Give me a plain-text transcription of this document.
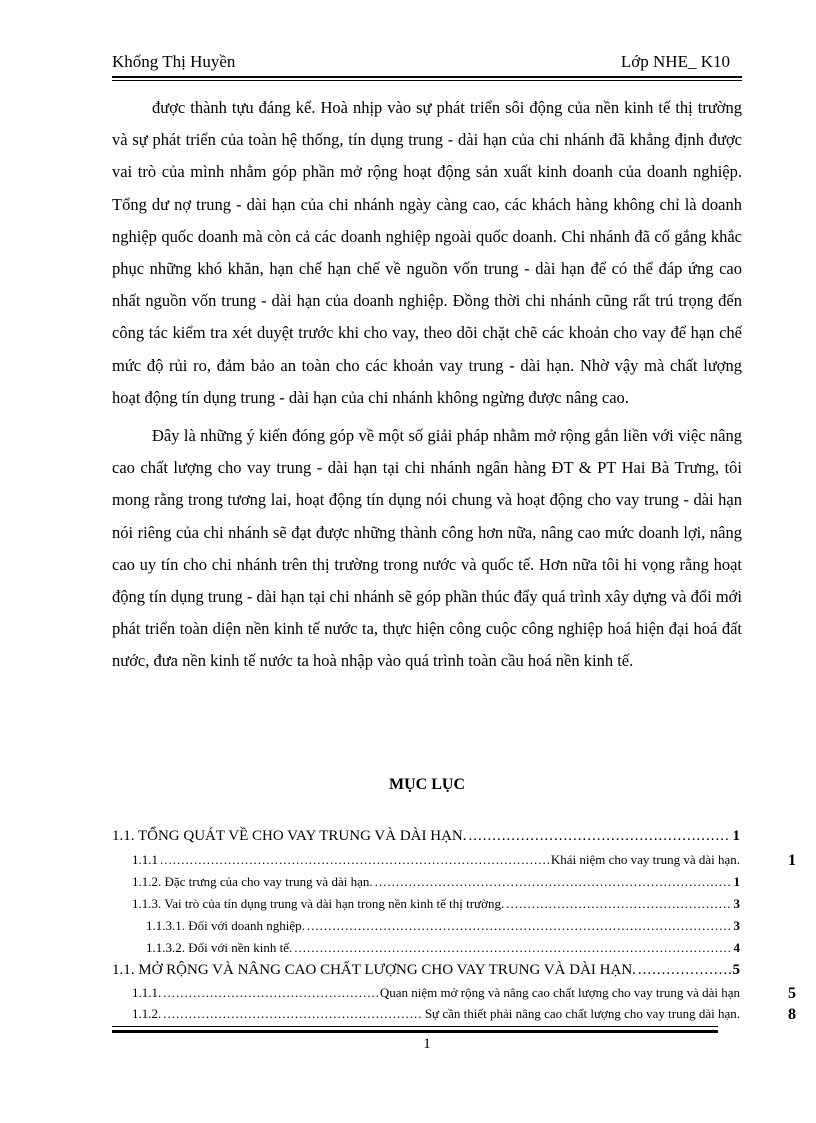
Khổng Thị Huyền	Lớp NHE_ K10

được thành tựu đáng kể. Hoà nhịp vào sự phát triển sôi động của nền kinh tế thị trường và sự phát triển của toàn hệ thống, tín dụng trung - dài hạn của chi nhánh đã khẳng định được vai trò của mình nhằm góp phần mở rộng hoạt động sản xuất kinh doanh của doanh nghiệp. Tổng dư nợ trung - dài hạn của chi nhánh ngày càng cao, các khách hàng không chỉ là doanh nghiệp quốc doanh mà còn cả các doanh nghiệp ngoài quốc doanh. Chi nhánh đã cố gắng khắc phục những khó khăn, hạn chế hạn chế về nguồn vốn trung - dài hạn để có thể đáp ứng cao nhất nguồn vốn trung - dài hạn của doanh nghiệp. Đồng thời chi nhánh cũng rất trú trọng đến công tác kiểm tra xét duyệt trước khi cho vay, theo dõi chặt chẽ các khoản cho vay để hạn chế mức độ rủi ro, đảm bảo an toàn cho các khoản vay trung - dài hạn. Nhờ vậy mà chất lượng hoạt động tín dụng trung - dài hạn của chi nhánh không ngừng được nâng cao.

Đây là những ý kiến đóng góp về một số giải pháp nhằm mở rộng gắn liền với việc nâng cao chất lượng cho vay trung - dài hạn tại chi nhánh ngân hàng ĐT & PT Hai Bà Trưng, tôi mong rằng trong tương lai, hoạt động tín dụng nói chung và hoạt động cho vay trung - dài hạn nói riêng của chi nhánh sẽ đạt được những thành công hơn nữa, nâng cao mức doanh lợi, nâng cao uy tín cho chi nhánh trên thị trường trong nước và quốc tế. Hơn nữa tôi hi vọng rằng hoạt động tín dụng trung - dài hạn tại chi nhánh sẽ góp phần thúc đẩy quá trình xây dựng và đổi mới phát triển toàn diện nền kinh tế nước ta, thực hiện công cuộc công nghiệp hoá hiện đại hoá đất nước, đưa nền kinh tế nước ta hoà nhập vào quá trình toàn cầu hoá nền kinh tế.

MỤC LỤC
1.1. TỔNG QUÁT VỀ CHO VAY TRUNG VÀ DÀI HẠN. .....	1
1.1.1 .....	Khái niệm cho vay trung và dài hạn.	1
1.1.2. Đặc trưng của cho vay trung và dài hạn. .....	1
1.1.3. Vai trò của tín dụng trung và dài hạn trong nền kinh tế thị trường. .....	3
1.1.3.1. Đối với doanh nghiệp. .....	3
1.1.3.2. Đối với nền kinh tế. .....	4
1.1. MỞ RỘNG VÀ NÂNG CAO CHẤT LƯỢNG CHO VAY TRUNG VÀ DÀI HẠN. .....	5
1.1.1. .....	Quan niệm mở rộng và nâng cao chất lượng cho vay trung và dài hạn	5
1.1.2. .....	Sự cần thiết phải nâng cao chất lượng cho vay trung dài hạn.	8
1
